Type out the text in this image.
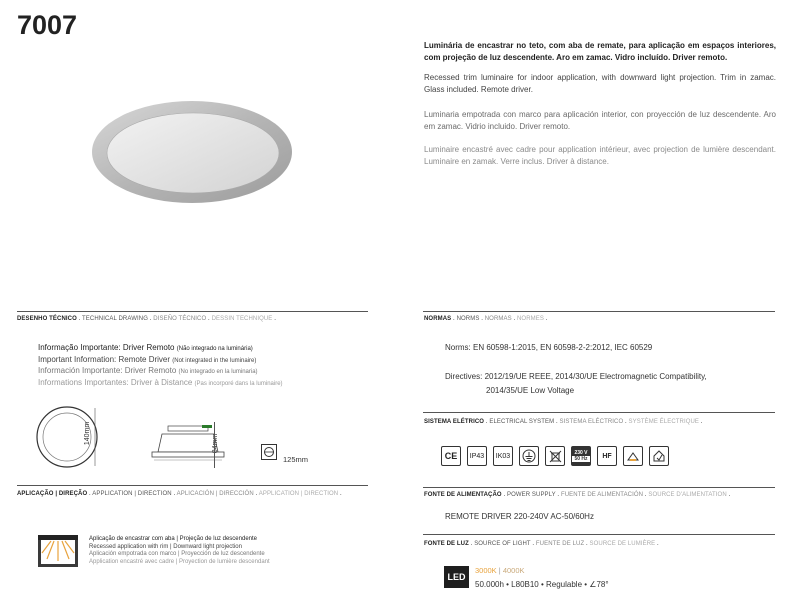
7007
Luminária de encastrar no teto, com aba de remate, para aplicação em espaços interiores, com projeção de luz descendente. Aro em zamac. Vidro incluído. Driver remoto.
Recessed trim luminaire for indoor application, with downward light projection. Trim in zamac. Glass included. Remote driver.
Luminaria empotrada con marco para aplicación interior, con proyección de luz descendente. Aro em zamac. Vidrio incluido. Driver remoto.
Luminaire encastré avec cadre pour application intérieur, avec projection de lumière descendant. Luminaire en zamak. Verre inclus. Driver à distance.
DESENHO TÉCNICO . TECHNICAL DRAWING . DISEÑO TÉCNICO . DESSIN TECHNIQUE .
Informação Importante: Driver Remoto (Não integrado na luminária)
Important Information: Remote Driver (Not integrated in the luminaire)
Información Importante: Driver Remoto (No integrado en la luminaria)
Informations Importantes: Driver à Distance (Pas incorporé dans la luminaire)
140mm	84mm
125mm
APLICAÇÃO | DIREÇÃO . APPLICATION | DIRECTION . APLICACIÓN | DIRECCIÓN . APPLICATION | DIRECTION .
Aplicação de encastrar com aba | Projeção de luz descendente
Recessed application with rim | Downward light projection
Aplicación empotrada con marco | Proyección de luz descendente
Application encastré avec cadre | Proyection de lumière descendant
NORMAS . NORMS . NORMAS . NORMES .
Norms: EN 60598-1:2015, EN 60598-2-2:2012, IEC 60529
Directives: 2012/19/UE REEE, 2014/30/UE Electromagnetic Compatibility,
2014/35/UE Low Voltage
SISTEMA ELÉTRICO . ELECTRICAL SYSTEM . SISTEMA ELÉCTRICO . SYSTÈME ÉLECTRIQUE .
CE	IP43	IK03	230 V
50 Hz	HF
FONTE DE ALIMENTAÇÃO . POWER SUPPLY . FUENTE DE ALIMENTACIÓN . SOURCE D'ALIMENTATION .
REMOTE DRIVER 220-240V AC-50/60Hz
FONTE DE LUZ . SOURCE OF LIGHT . FUENTE DE LUZ . SOURCE DE LUMIÈRE .
LED
3000K | 4000K
50.000h • L80B10 • Regulable • ∠78°
